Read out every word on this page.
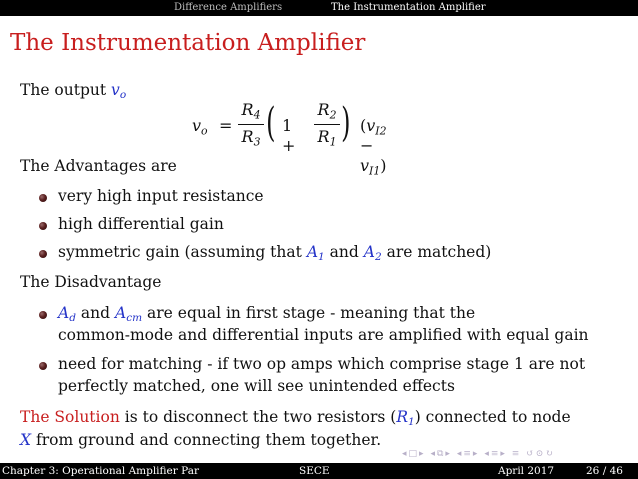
Difference Amplifiers	The Instrumentation Amplifier
The Instrumentation Amplifier
The output $v_o$
$v_o$ =
$R_4$
$R_3$ ( 1 +
$R_2$
$R_1$ ) $(v_{I2} - v_{I1})$
The Advantages are
very high input resistance
high differential gain
symmetric gain (assuming that $A_1$ and $A_2$ are matched)
The Disadvantage
$A_d$ and $A_{cm}$ are equal in first stage - meaning that the
common-mode and differential inputs are amplified with equal gain
need for matching - if two op amps which comprise stage 1 are not
perfectly matched, one will see unintended effects
The Solution is to disconnect the two resistors $(R_1)$ connected to node
X from ground and connecting them together.
◂□▸ ◂⧉▸ ◂≡▸ ◂≡▸ ≡ ↺⊙↻
Chapter 3: Operational Amplifier Par	SECE	April 2017	26 / 46
